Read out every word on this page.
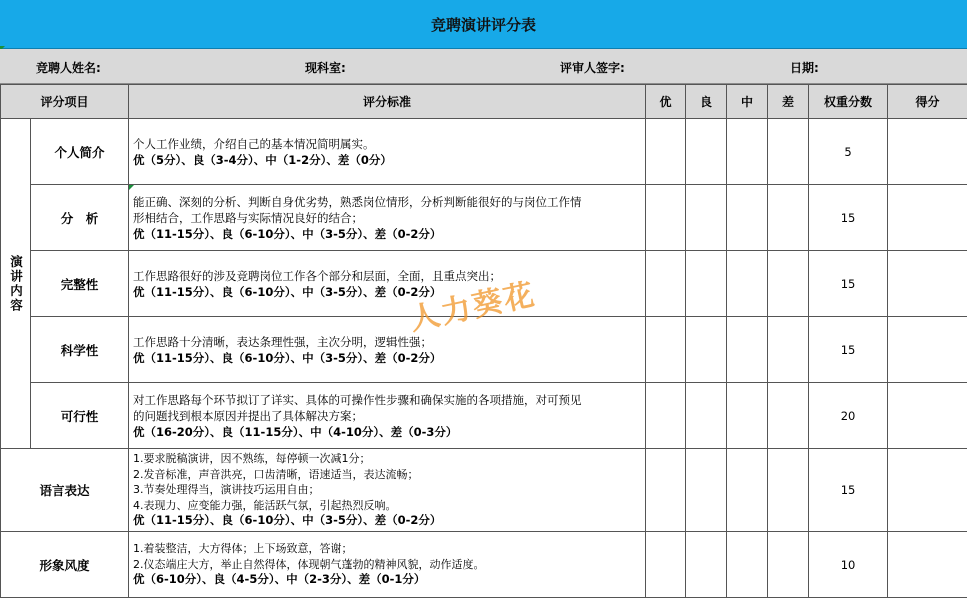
竞聘演讲评分表
竞聘人姓名:	现科室:	评审人签字:	日期:
评分项目		评分标准	优	良	中	差	权重分数	得分

演讲内容	个人简介	个人工作业绩，介绍自己的基本情况简明属实。
优（5分）、良（3-4分）、中（1-2分）、差（0分）					5	
	分　析	能正确、深刻的分析、判断自身优劣势，熟悉岗位情形，分析判断能很好的与岗位工作情
形相结合，工作思路与实际情况良好的结合；
优（11-15分）、良（6-10分）、中（3-5分）、差（0-2分）					15	
	完整性	工作思路很好的涉及竞聘岗位工作各个部分和层面，全面，且重点突出；
优（11-15分）、良（6-10分）、中（3-5分）、差（0-2分）					15	
	科学性	工作思路十分清晰，表达条理性强，主次分明，逻辑性强；
优（11-15分）、良（6-10分）、中（3-5分）、差（0-2分）					15	
	可行性	对工作思路每个环节拟订了详实、具体的可操作性步骤和确保实施的各项措施，对可预见
的问题找到根本原因并提出了具体解决方案；
优（16-20分）、良（11-15分）、中（4-10分）、差（0-3分）					20	
语言表达		1.要求脱稿演讲，因不熟练，每停顿一次减1分；
2.发音标准，声音洪亮，口齿清晰，语速适当，表达流畅；
3.节奏处理得当，演讲技巧运用自由；
4.表现力、应变能力强，能活跃气氛，引起热烈反响。
优（11-15分）、良（6-10分）、中（3-5分）、差（0-2分）					15	
形象风度		1.着装整洁，大方得体；上下场致意，答谢；
2.仪态端庄大方，举止自然得体，体现朝气蓬勃的精神风貌，动作适度。
优（6-10分）、良（4-5分）、中（2-3分）、差（0-1分）					10	
人力葵花
